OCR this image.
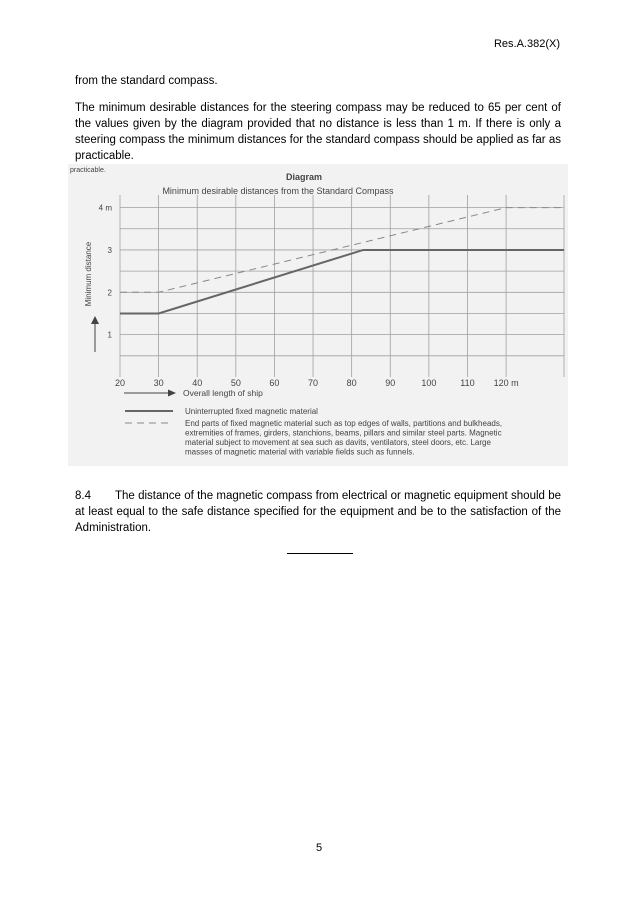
Res.A.382(X)

from the standard compass.

The minimum desirable distances for the steering compass may be reduced to 65 per cent of the values given by the diagram provided that no distance is less than 1 m. If there is only a steering compass the minimum distances for the standard compass should be applied as far as practicable.

practicable.
Diagram
Minimum desirable distances from the Standard Compass
20	30	40	50	60	70	80	90	100	110 120 m
1
2
3
4 m
Minimum distance
Overall length of ship
Uninterrupted fixed magnetic material
End parts of fixed magnetic material such as top edges of walls, partitions and bulkheads,
extremities of frames, girders, stanchions, beams, pillars and similar steel parts. Magnetic
material subject to movement at sea such as davits, ventilators, steel doors, etc. Large
masses of magnetic material with variable fields such as funnels.

8.4 The distance of the magnetic compass from electrical or magnetic equipment should be at least equal to the safe distance specified for the equipment and be to the satisfaction of the Administration.

5
